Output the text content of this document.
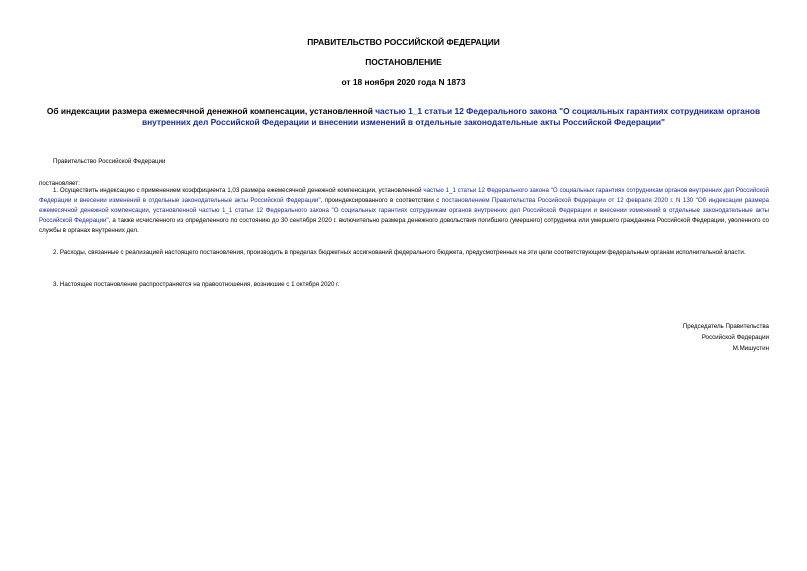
ПРАВИТЕЛЬСТВО РОССИЙСКОЙ ФЕДЕРАЦИИ
ПОСТАНОВЛЕНИЕ
от 18 ноября 2020 года N 1873
Об индексации размера ежемесячной денежной компенсации, установленной частью 1_1 статьи 12 Федерального закона "О социальных гарантиях сотрудникам органов внутренних дел Российской Федерации и внесении изменений в отдельные законодательные акты Российской Федерации"
Правительство Российской Федерации
постановляет:
1. Осуществить индексацию с применением коэффициента 1,03 размера ежемесячной денежной компенсации, установленной частью 1_1 статьи 12 Федерального закона "О социальных гарантиях сотрудникам органов внутренних дел Российской Федерации и внесении изменений в отдельные законодательные акты Российской Федерации", проиндексированного в соответствии с постановлением Правительства Российской Федерации от 12 февраля 2020 г. N 130 "Об индексации размера ежемесячной денежной компенсации, установленной частью 1_1 статьи 12 Федерального закона "О социальных гарантиях сотрудникам органов внутренних дел Российской Федерации и внесении изменений в отдельные законодательные акты Российской Федерации", а также исчисленного из определенного по состоянию до 30 сентября 2020 г. включительно размера денежного довольствия погибшего (умершего) сотрудника или умершего гражданина Российской Федерации, уволенного со службы в органах внутренних дел.
2. Расходы, связанные с реализацией настоящего постановления, производить в пределах бюджетных ассигнований федерального бюджета, предусмотренных на эти цели соответствующим федеральным органам исполнительной власти.
3. Настоящее постановление распространяется на правоотношения, возникшие с 1 октября 2020 г.
Председатель Правительства
Российской Федерации
М.Мишустин
